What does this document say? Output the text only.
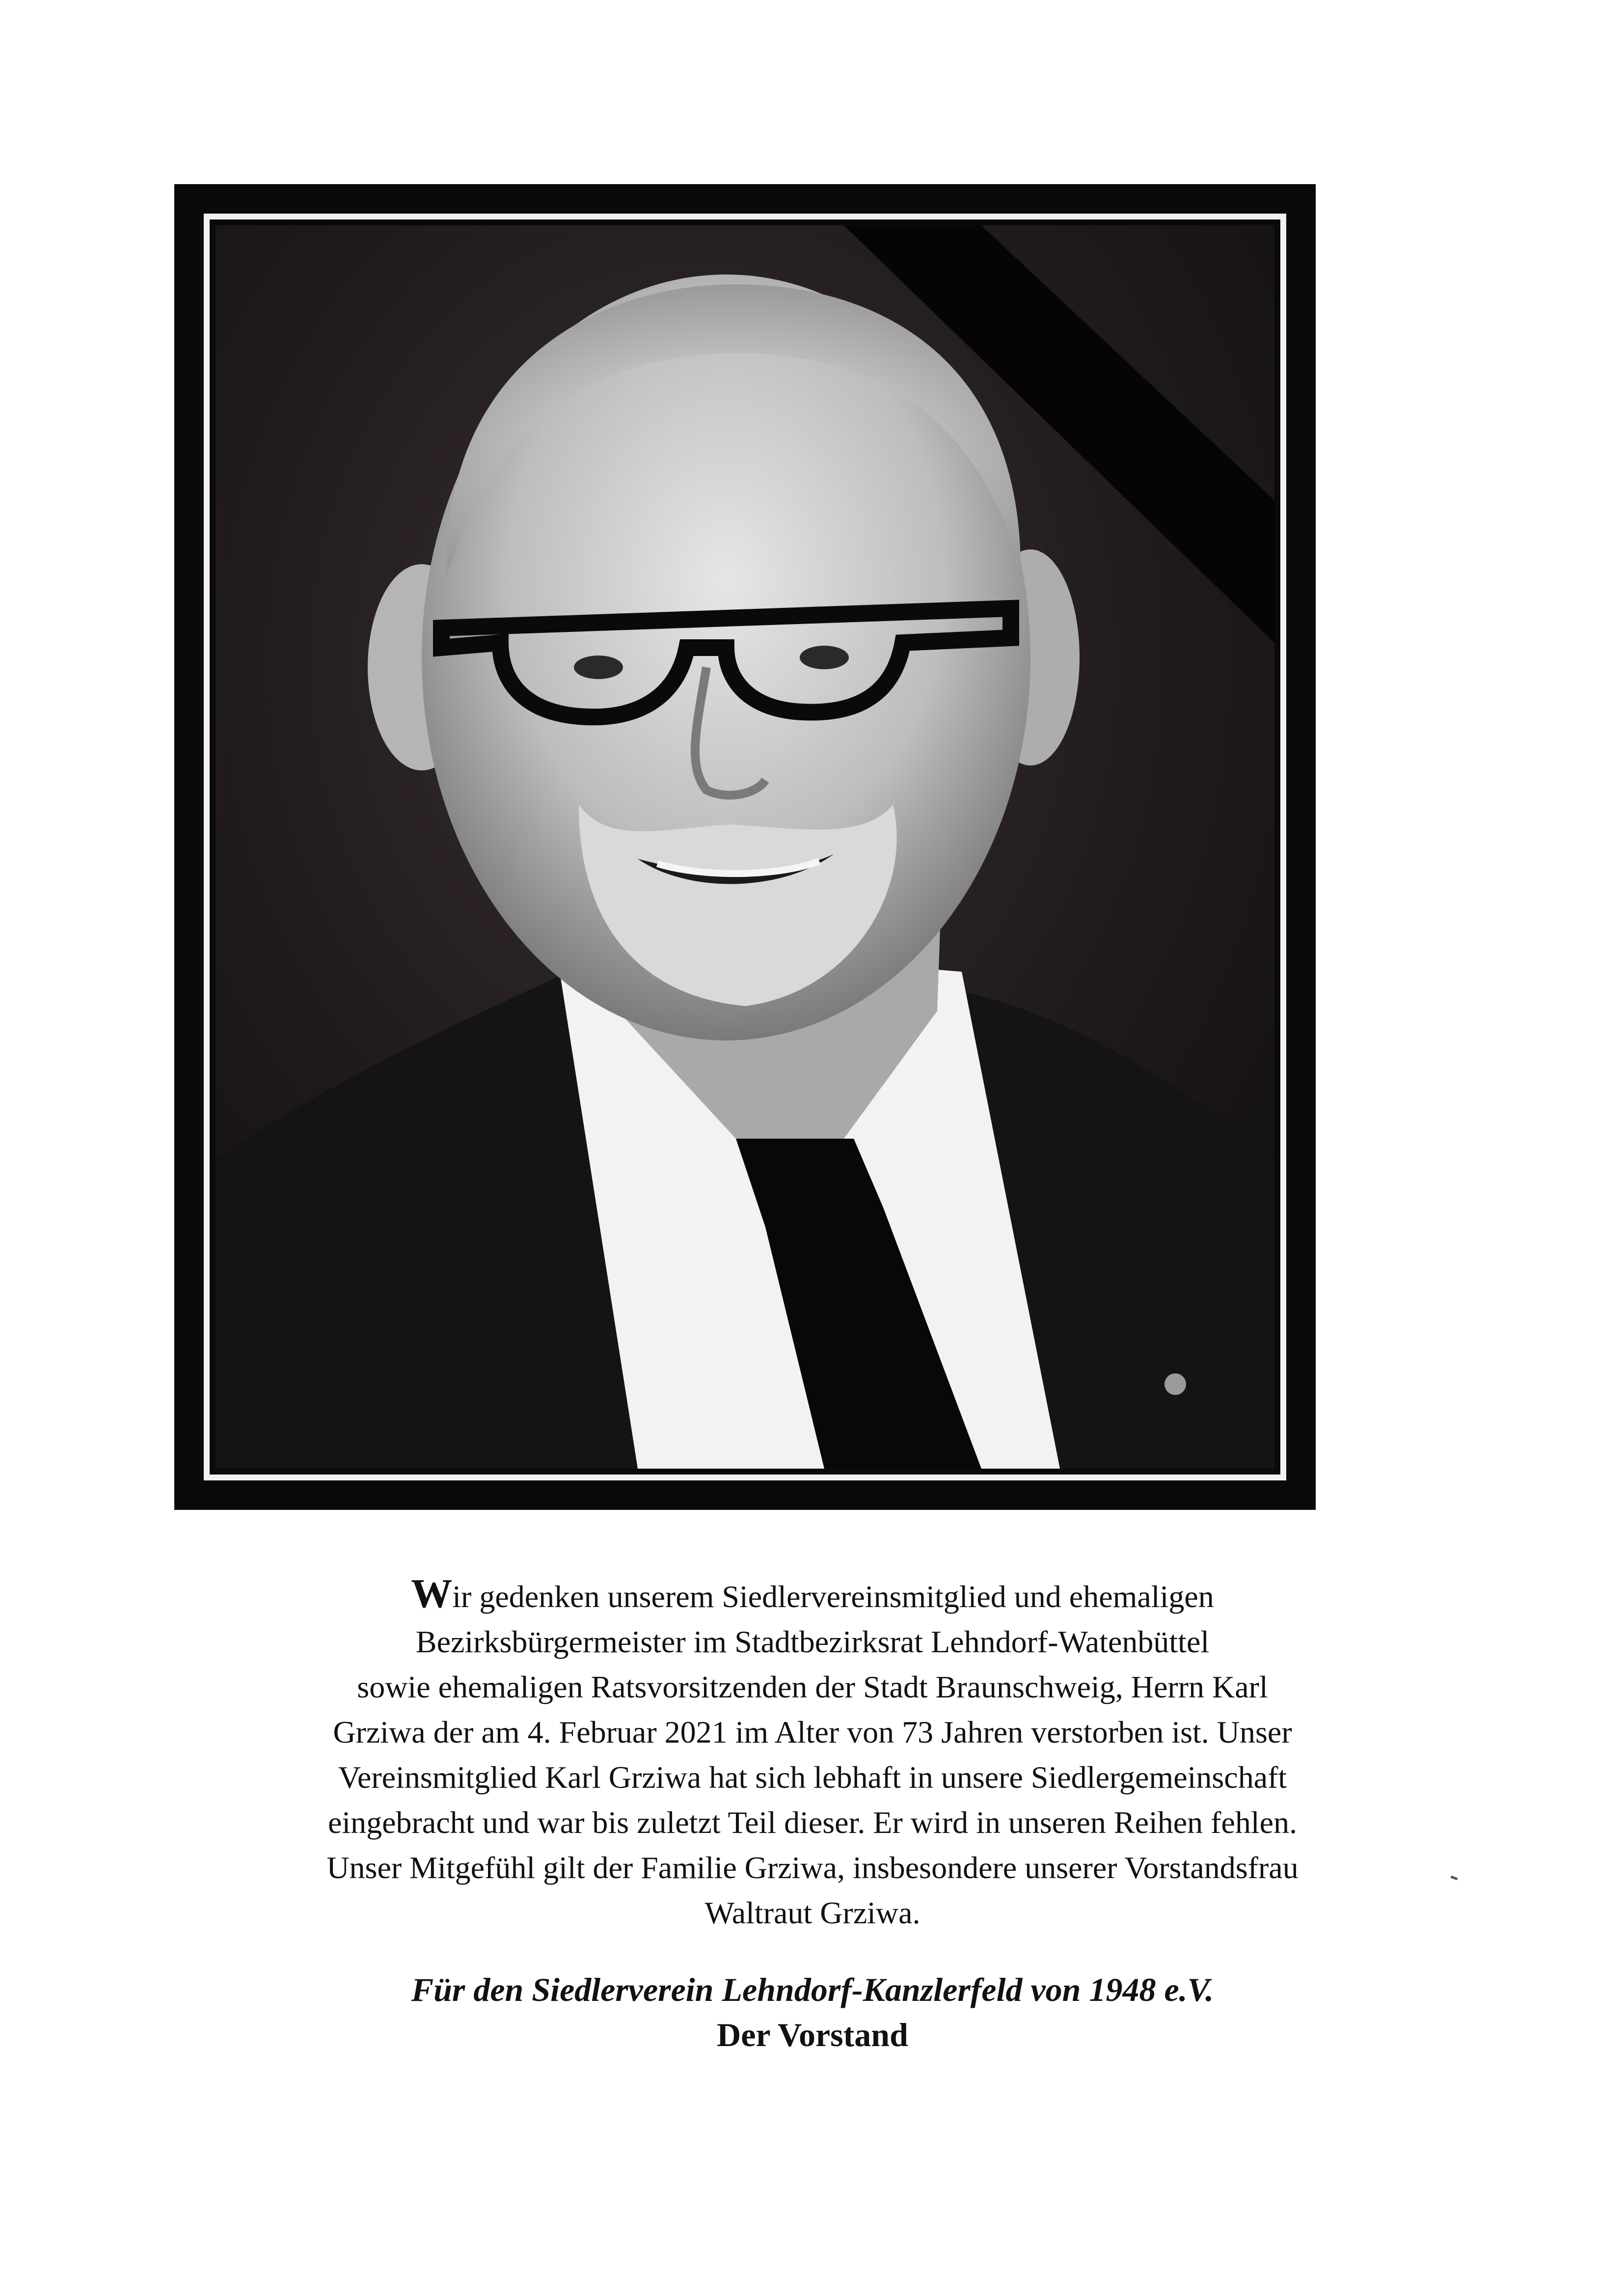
Wir gedenken unserem Siedlervereinsmitglied und ehemaligen
Bezirksbürgermeister im Stadtbezirksrat Lehndorf-Watenbüttel
sowie ehemaligen Ratsvorsitzenden der Stadt Braunschweig, Herrn Karl
Grziwa der am 4. Februar 2021 im Alter von 73 Jahren verstorben ist. Unser
Vereinsmitglied Karl Grziwa hat sich lebhaft in unsere Siedlergemeinschaft
eingebracht und war bis zuletzt Teil dieser. Er wird in unseren Reihen fehlen.
Unser Mitgefühl gilt der Familie Grziwa, insbesondere unserer Vorstandsfrau
Waltraut Grziwa.

Für den Siedlerverein Lehndorf-Kanzlerfeld von 1948 e.V.
Der Vorstand
